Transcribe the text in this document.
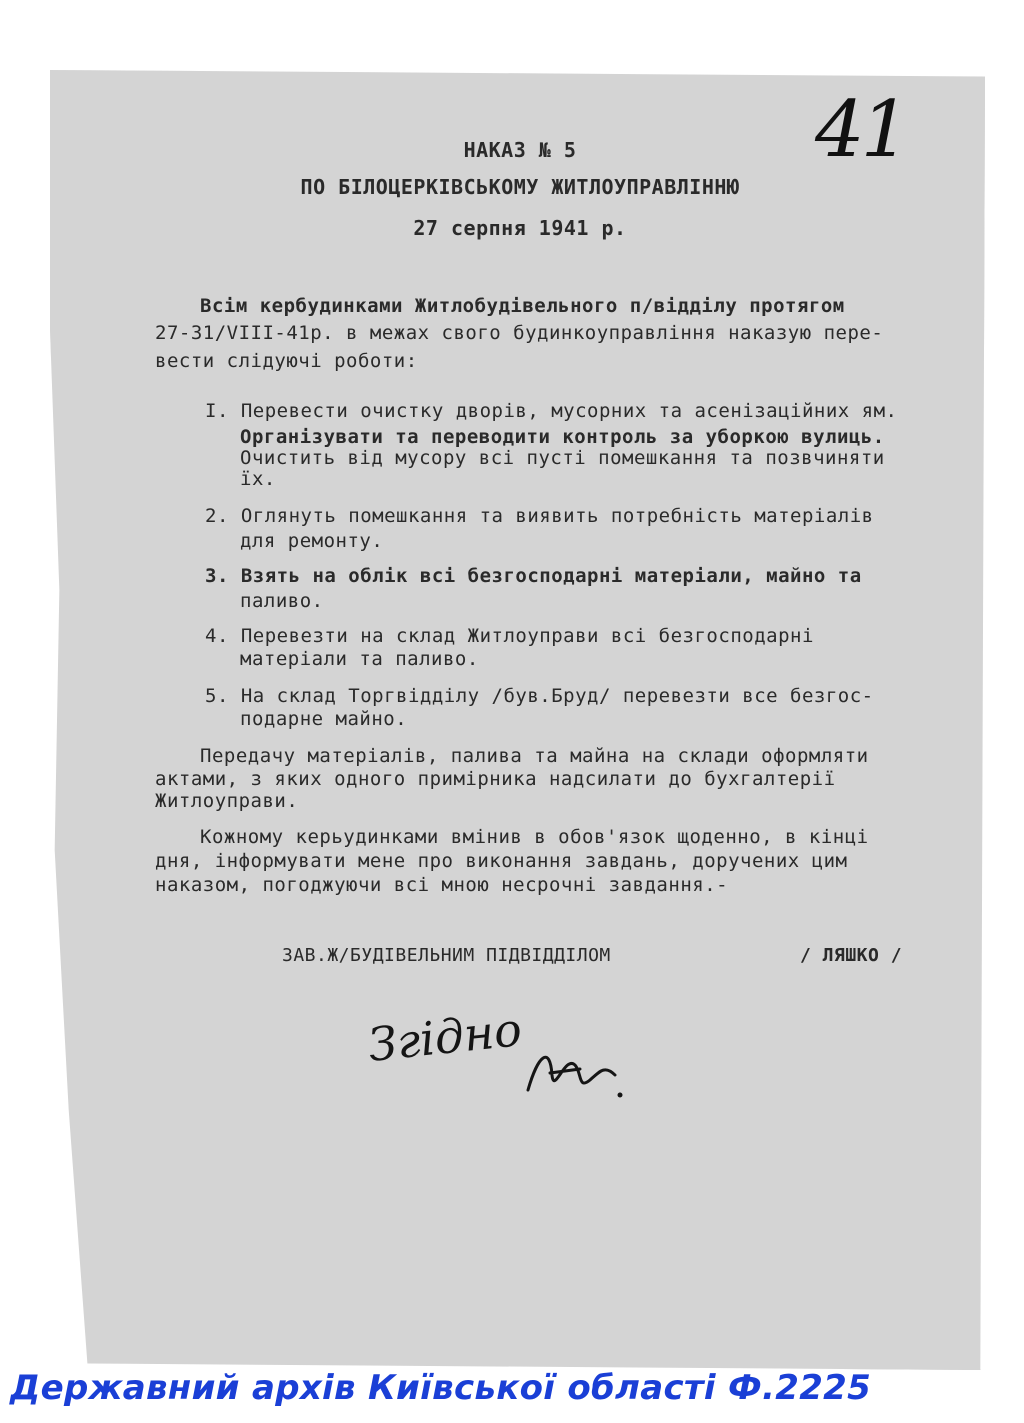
41
НАКАЗ № 5
ПО БІЛОЦЕРКІВСЬКОМУ ЖИТЛОУПРАВЛІННЮ
27 серпня 1941 р.
Всім кербудинками Житлобудівельного п/відділу протягом
27-31/VIII-41р. в межах свого будинкоуправління наказую пере-
вести слідуючі роботи:
І. Перевести очистку дворів, мусорних та асенізаційних ям.
Організувати та переводити контроль за уборкою вулиць.
Очистить від мусору всі пусті помешкання та позвчиняти
їх.
2. Оглянуть помешкання та виявить потребність матеріалів
для ремонту.
3. Взять на облік всі безгосподарні матеріали, майно та
паливо.
4. Перевезти на склад Житлоуправи всі безгосподарні
матеріали та паливо.
5. На склад Торгвідділу /був.Бруд/ перевезти все безгос-
подарне майно.
Передачу матеріалів, палива та майна на склади оформляти
актами, з яких одного примірника надсилати до бухгалтерії
Житлоуправи.
Кожному керьудинками вмінив в обов'язок щоденно, в кінці
дня, інформувати мене про виконання завдань, доручених цим
наказом, погоджуючи всі мною несрочні завдання.-
ЗАВ.Ж/БУДІВЕЛЬНИМ ПІДВІДДІЛОМ	/ ЛЯШКО /
Згідно
Державний архів Київської області Ф.2225
